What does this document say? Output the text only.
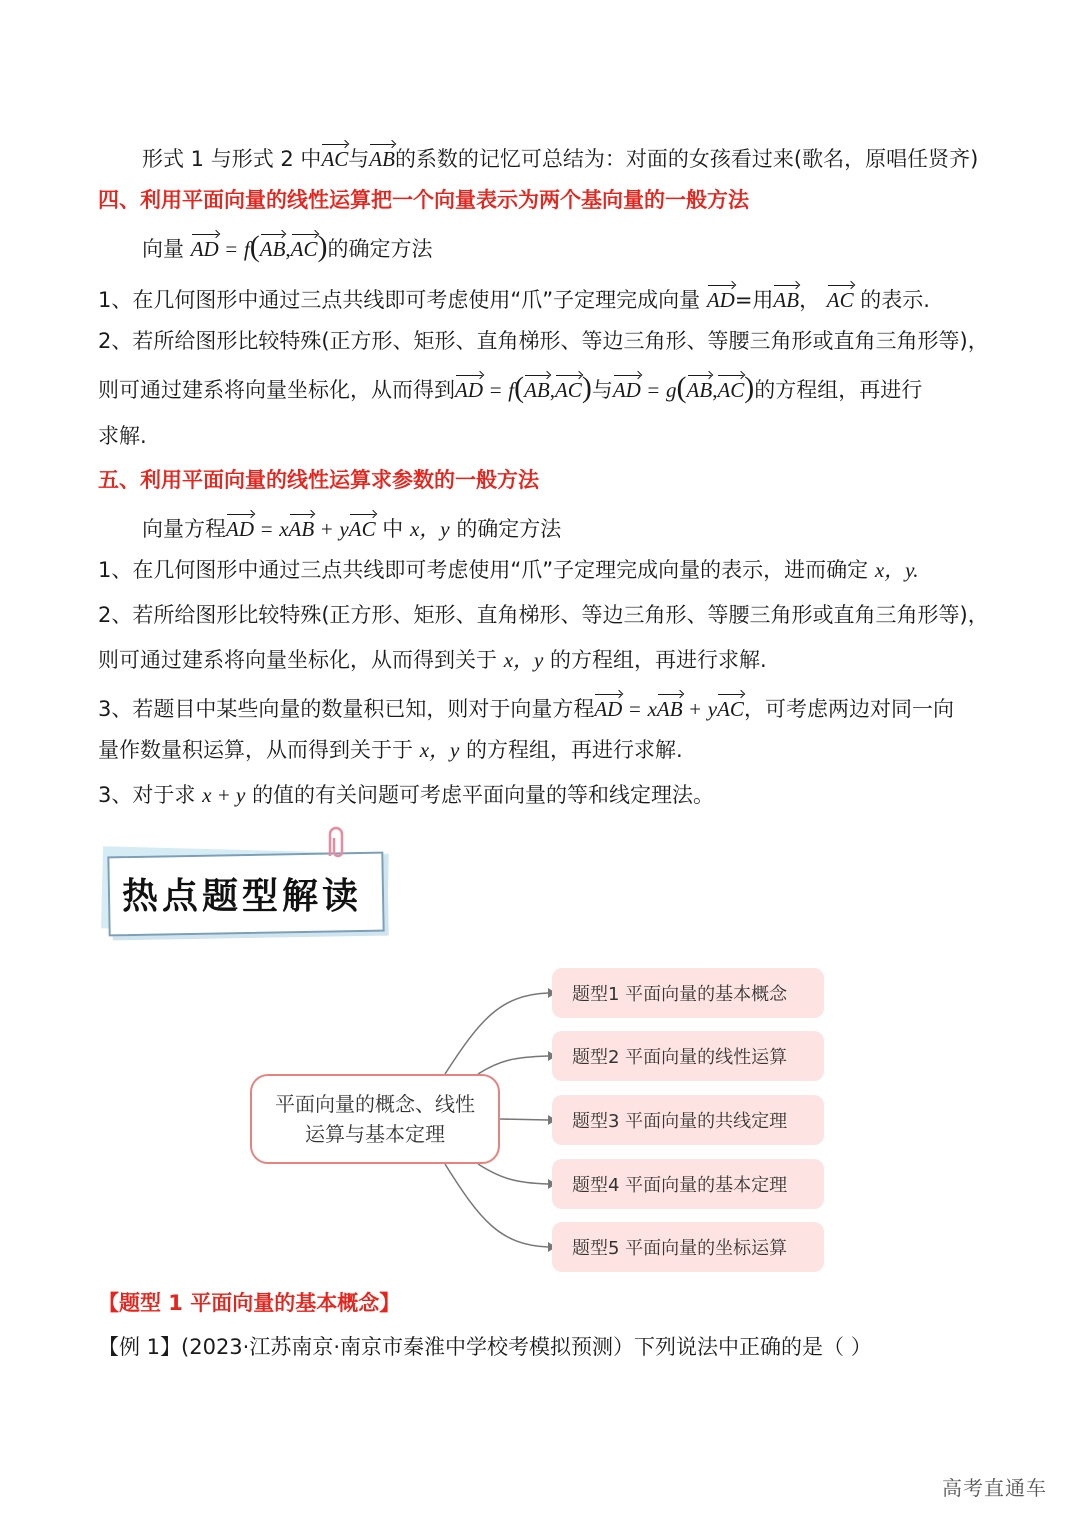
形式 1 与形式 2 中AC与AB的系数的记忆可总结为：对面的女孩看过来(歌名，原唱任贤齐)
四、利用平面向量的线性运算把一个向量表示为两个基向量的一般方法
向量 AD = f(AB,AC)的确定方法
1、在几何图形中通过三点共线即可考虑使用“爪”子定理完成向量 AD=用AB， AC 的表示.
2、若所给图形比较特殊(正方形、矩形、直角梯形、等边三角形、等腰三角形或直角三角形等)，
则可通过建系将向量坐标化，从而得到AD = f(AB,AC)与AD = g(AB,AC)的方程组，再进行
求解.
五、利用平面向量的线性运算求参数的一般方法
向量方程AD = xAB + yAC 中 x，y 的确定方法
1、在几何图形中通过三点共线即可考虑使用“爪”子定理完成向量的表示，进而确定 x，y.
2、若所给图形比较特殊(正方形、矩形、直角梯形、等边三角形、等腰三角形或直角三角形等)，
则可通过建系将向量坐标化，从而得到关于 x，y 的方程组，再进行求解.
3、若题目中某些向量的数量积已知，则对于向量方程AD = xAB + yAC，可考虑两边对同一向
量作数量积运算，从而得到关于于 x，y 的方程组，再进行求解.
3、对于求 x + y 的值的有关问题可考虑平面向量的等和线定理法。
热点题型解读
平面向量的概念、线性运算与基本定理
题型1 平面向量的基本概念
题型2 平面向量的线性运算
题型3 平面向量的共线定理
题型4 平面向量的基本定理
题型5 平面向量的坐标运算
【题型 1 平面向量的基本概念】
【例 1】(2023·江苏南京·南京市秦淮中学校考模拟预测）下列说法中正确的是（ ）
高考直通车
